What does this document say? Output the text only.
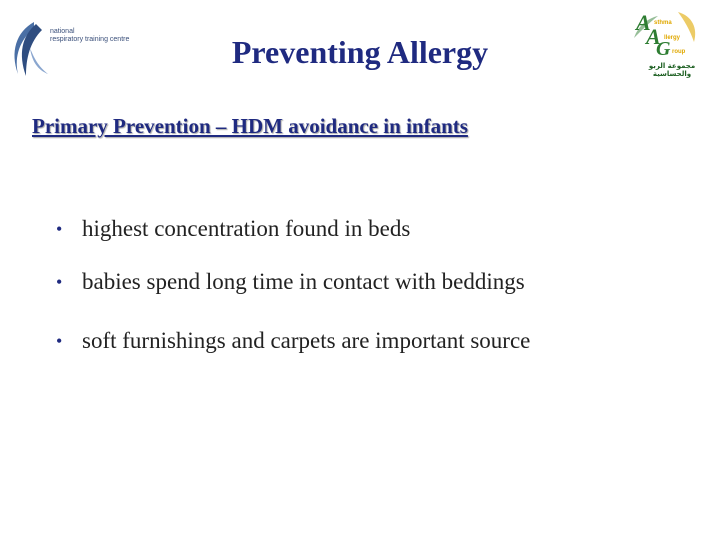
national
respiratory training centre
A sthma
A llergy
G roup
مجموعة الربو والحساسية
Preventing Allergy
Primary Prevention – HDM avoidance in infants
• highest concentration found in beds
• babies spend long time in contact with beddings
• soft furnishings and carpets are important source
